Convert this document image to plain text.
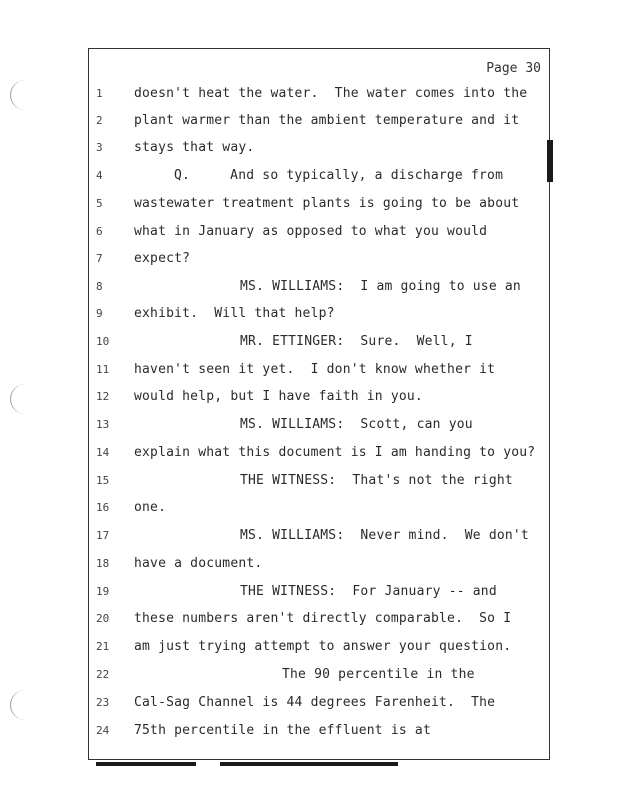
Page 30
1	doesn't heat the water.  The water comes into the
2	plant warmer than the ambient temperature and it
3	stays that way.
4	Q.     And so typically, a discharge from
5	wastewater treatment plants is going to be about
6	what in January as opposed to what you would
7	expect?
8	MS. WILLIAMS:  I am going to use an
9	exhibit.  Will that help?
10	MR. ETTINGER:  Sure.  Well, I
11	haven't seen it yet.  I don't know whether it
12	would help, but I have faith in you.
13	MS. WILLIAMS:  Scott, can you
14	explain what this document is I am handing to you?
15	THE WITNESS:  That's not the right
16	one.
17	MS. WILLIAMS:  Never mind.  We don't
18	have a document.
19	THE WITNESS:  For January -- and
20	these numbers aren't directly comparable.  So I
21	am just trying attempt to answer your question.
22	The 90 percentile in the
23	Cal-Sag Channel is 44 degrees Farenheit.  The
24	75th percentile in the effluent is at
